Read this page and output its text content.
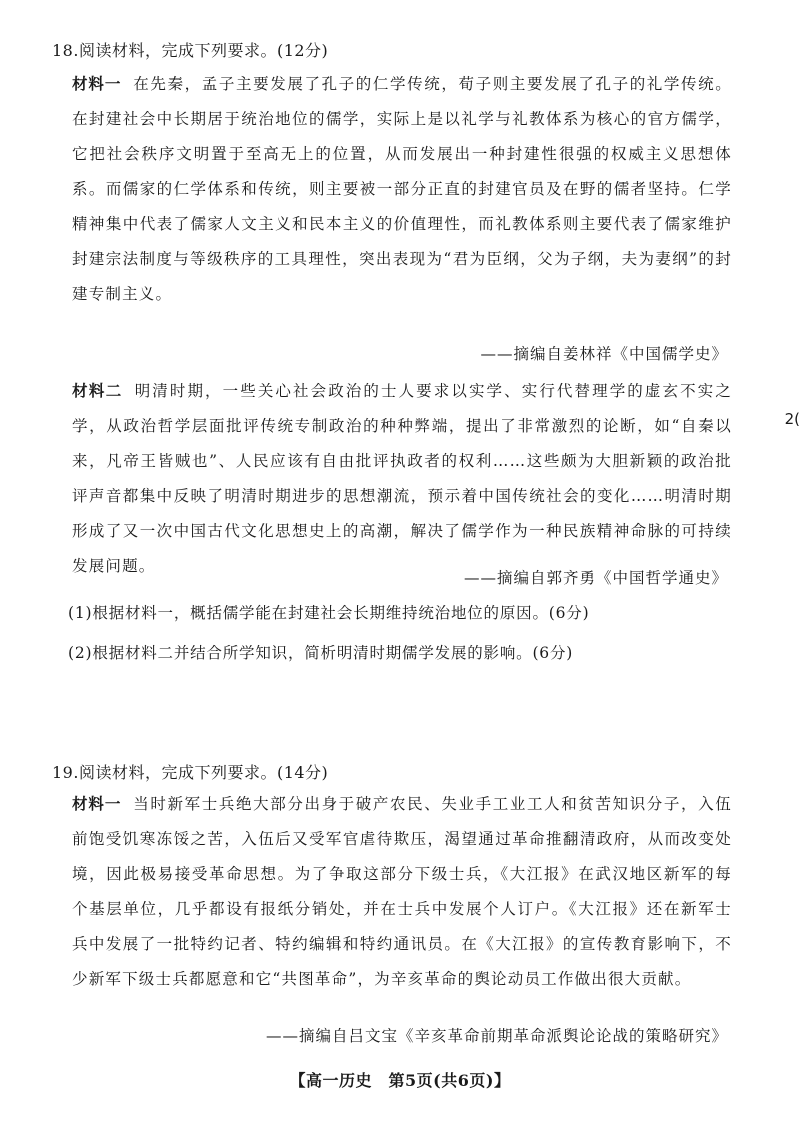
18.阅读材料，完成下列要求。(12分)

材料一 在先秦，孟子主要发展了孔子的仁学传统，荀子则主要发展了孔子的礼学传统。在封建社会中长期居于统治地位的儒学，实际上是以礼学与礼教体系为核心的官方儒学，它把社会秩序文明置于至高无上的位置，从而发展出一种封建性很强的权威主义思想体系。而儒家的仁学体系和传统，则主要被一部分正直的封建官员及在野的儒者坚持。仁学精神集中代表了儒家人文主义和民本主义的价值理性，而礼教体系则主要代表了儒家维护封建宗法制度与等级秩序的工具理性，突出表现为“君为臣纲，父为子纲，夫为妻纲”的封建专制主义。

——摘编自姜林祥《中国儒学史》

材料二 明清时期，一些关心社会政治的士人要求以实学、实行代替理学的虚玄不实之学，从政治哲学层面批评传统专制政治的种种弊端，提出了非常激烈的论断，如“自秦以来，凡帝王皆贼也”、人民应该有自由批评执政者的权利……这些颇为大胆新颖的政治批评声音都集中反映了明清时期进步的思想潮流，预示着中国传统社会的变化……明清时期形成了又一次中国古代文化思想史上的高潮，解决了儒学作为一种民族精神命脉的可持续发展问题。

——摘编自郭齐勇《中国哲学通史》
(1)根据材料一，概括儒学能在封建社会长期维持统治地位的原因。(6分)
(2)根据材料二并结合所学知识，简析明清时期儒学发展的影响。(6分)
2(
19.阅读材料，完成下列要求。(14分)

材料一 当时新军士兵绝大部分出身于破产农民、失业手工业工人和贫苦知识分子，入伍前饱受饥寒冻馁之苦，入伍后又受军官虐待欺压，渴望通过革命推翻清政府，从而改变处境，因此极易接受革命思想。为了争取这部分下级士兵，《大江报》在武汉地区新军的每个基层单位，几乎都设有报纸分销处，并在士兵中发展个人订户。《大江报》还在新军士兵中发展了一批特约记者、特约编辑和特约通讯员。在《大江报》的宣传教育影响下，不少新军下级士兵都愿意和它“共图革命”，为辛亥革命的舆论动员工作做出很大贡献。

——摘编自吕文宝《辛亥革命前期革命派舆论论战的策略研究》
【高一历史　第5页(共6页)】
